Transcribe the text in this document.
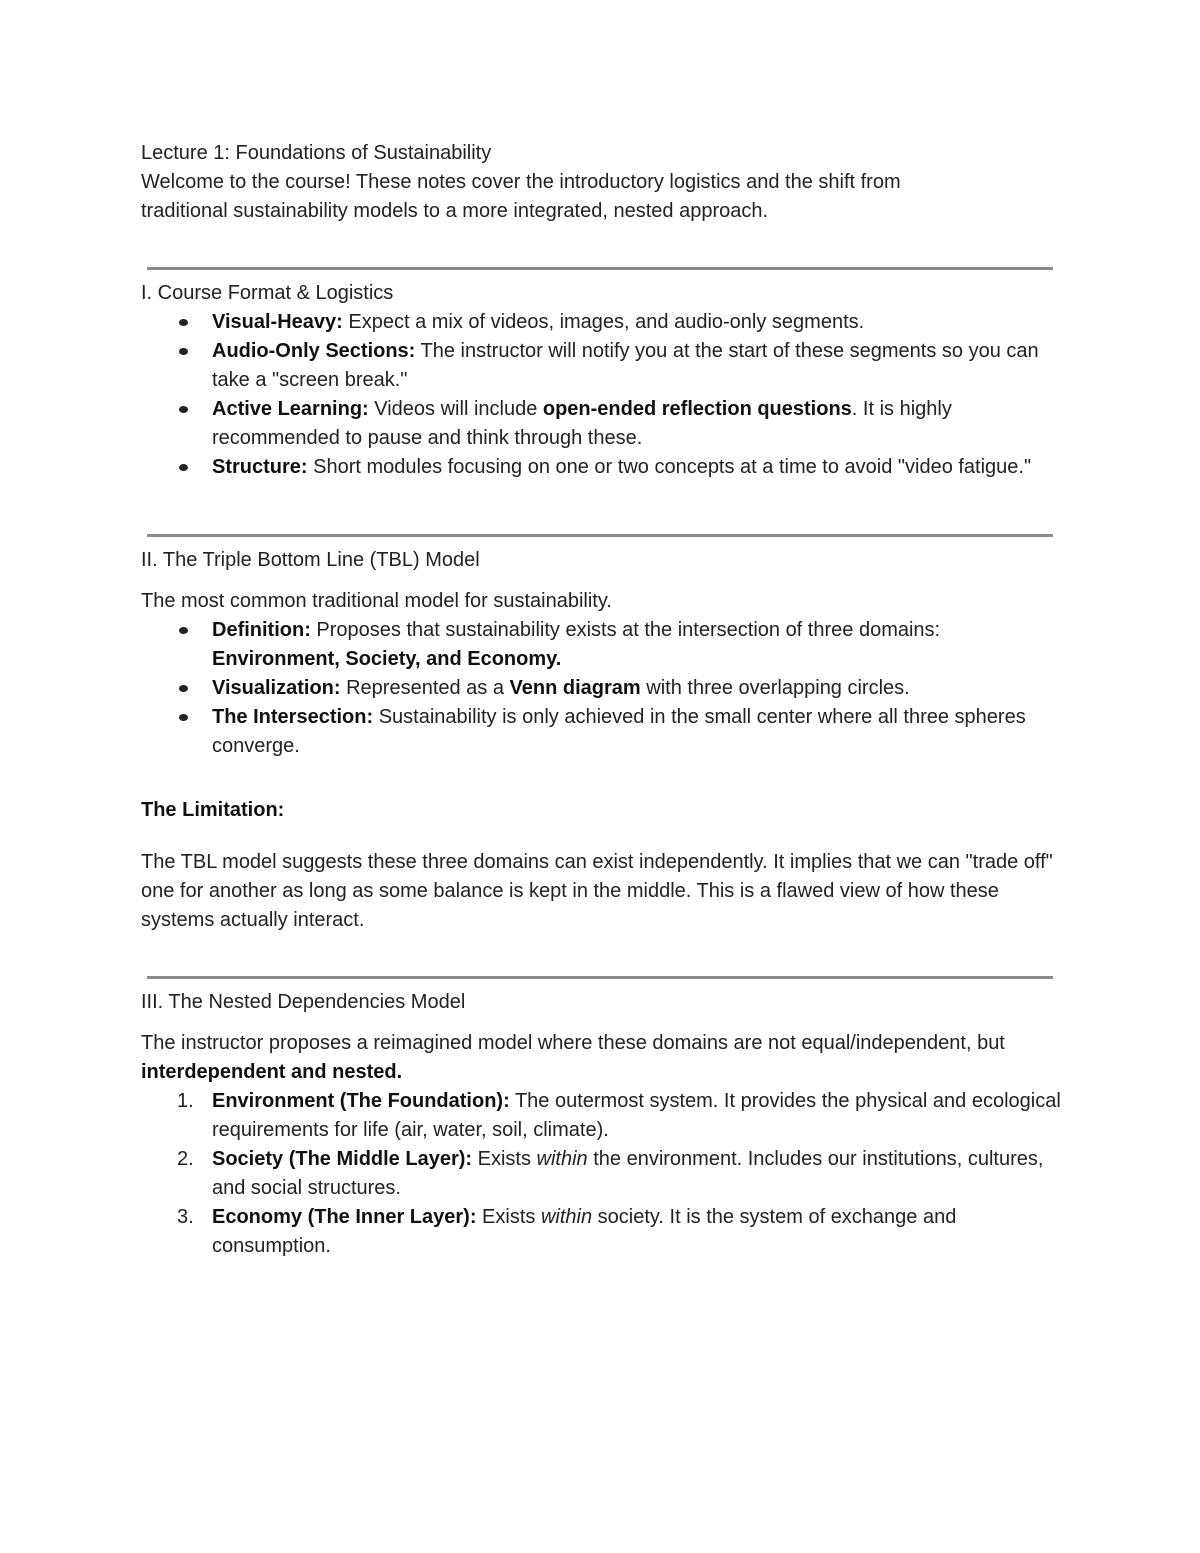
Lecture 1: Foundations of Sustainability

Welcome to the course! These notes cover the introductory logistics and the shift from
traditional sustainability models to a more integrated, nested approach.

I. Course Format & Logistics

Visual-Heavy: Expect a mix of videos, images, and audio-only segments.
Audio-Only Sections: The instructor will notify you at the start of these segments so you can take a "screen break."
Active Learning: Videos will include open-ended reflection questions. It is highly recommended to pause and think through these.
Structure: Short modules focusing on one or two concepts at a time to avoid "video fatigue."

II. The Triple Bottom Line (TBL) Model

The most common traditional model for sustainability.

Definition: Proposes that sustainability exists at the intersection of three domains:
Environment, Society, and Economy.
Visualization: Represented as a Venn diagram with three overlapping circles.
The Intersection: Sustainability is only achieved in the small center where all three spheres converge.

The Limitation:

The TBL model suggests these three domains can exist independently. It implies that we can "trade off" one for another as long as some balance is kept in the middle. This is a flawed view of how these systems actually interact.

III. The Nested Dependencies Model

The instructor proposes a reimagined model where these domains are not equal/independent, but interdependent and nested.

1. Environment (The Foundation): The outermost system. It provides the physical and ecological requirements for life (air, water, soil, climate).
2. Society (The Middle Layer): Exists within the environment. Includes our institutions, cultures, and social structures.
3. Economy (The Inner Layer): Exists within society. It is the system of exchange and consumption.
